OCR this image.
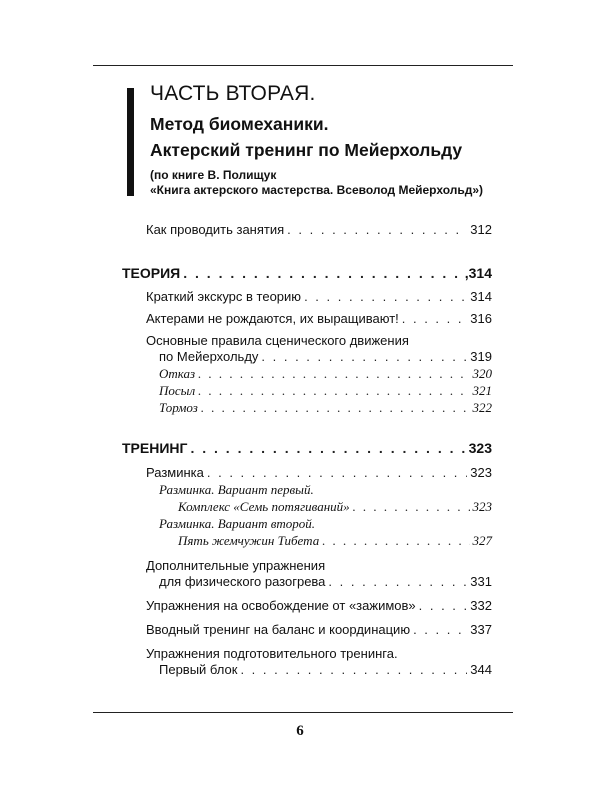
ЧАСТЬ ВТОРАЯ.
Метод биомеханики.
Актерский тренинг по Мейерхольду
(по книге В. Полищук
«Книга актерского мастерства. Всеволод Мейерхольд»)
Как проводить занятия . . .	312
ТЕОРИЯ . . .	,314
Краткий экскурс в теорию . . .	314
Актерами не рождаются, их выращивают! . . .	316
Основные правила сценического движения
по Мейерхольду . . .	319
Отказ . . .	320
Посыл . . .	321
Тормоз . . .	322
ТРЕНИНГ . . .	323
Разминка . . .	323
Разминка. Вариант первый.
Комплекс «Семь потягиваний» . . .	323
Разминка. Вариант второй.
Пять жемчужин Тибета . . .	327
Дополнительные упражнения
для физического разогрева . . .	331
Упражнения на освобождение от «зажимов» . . .	332
Вводный тренинг на баланс и координацию . . .	337
Упражнения подготовительного тренинга.
Первый блок . . .	344
6
